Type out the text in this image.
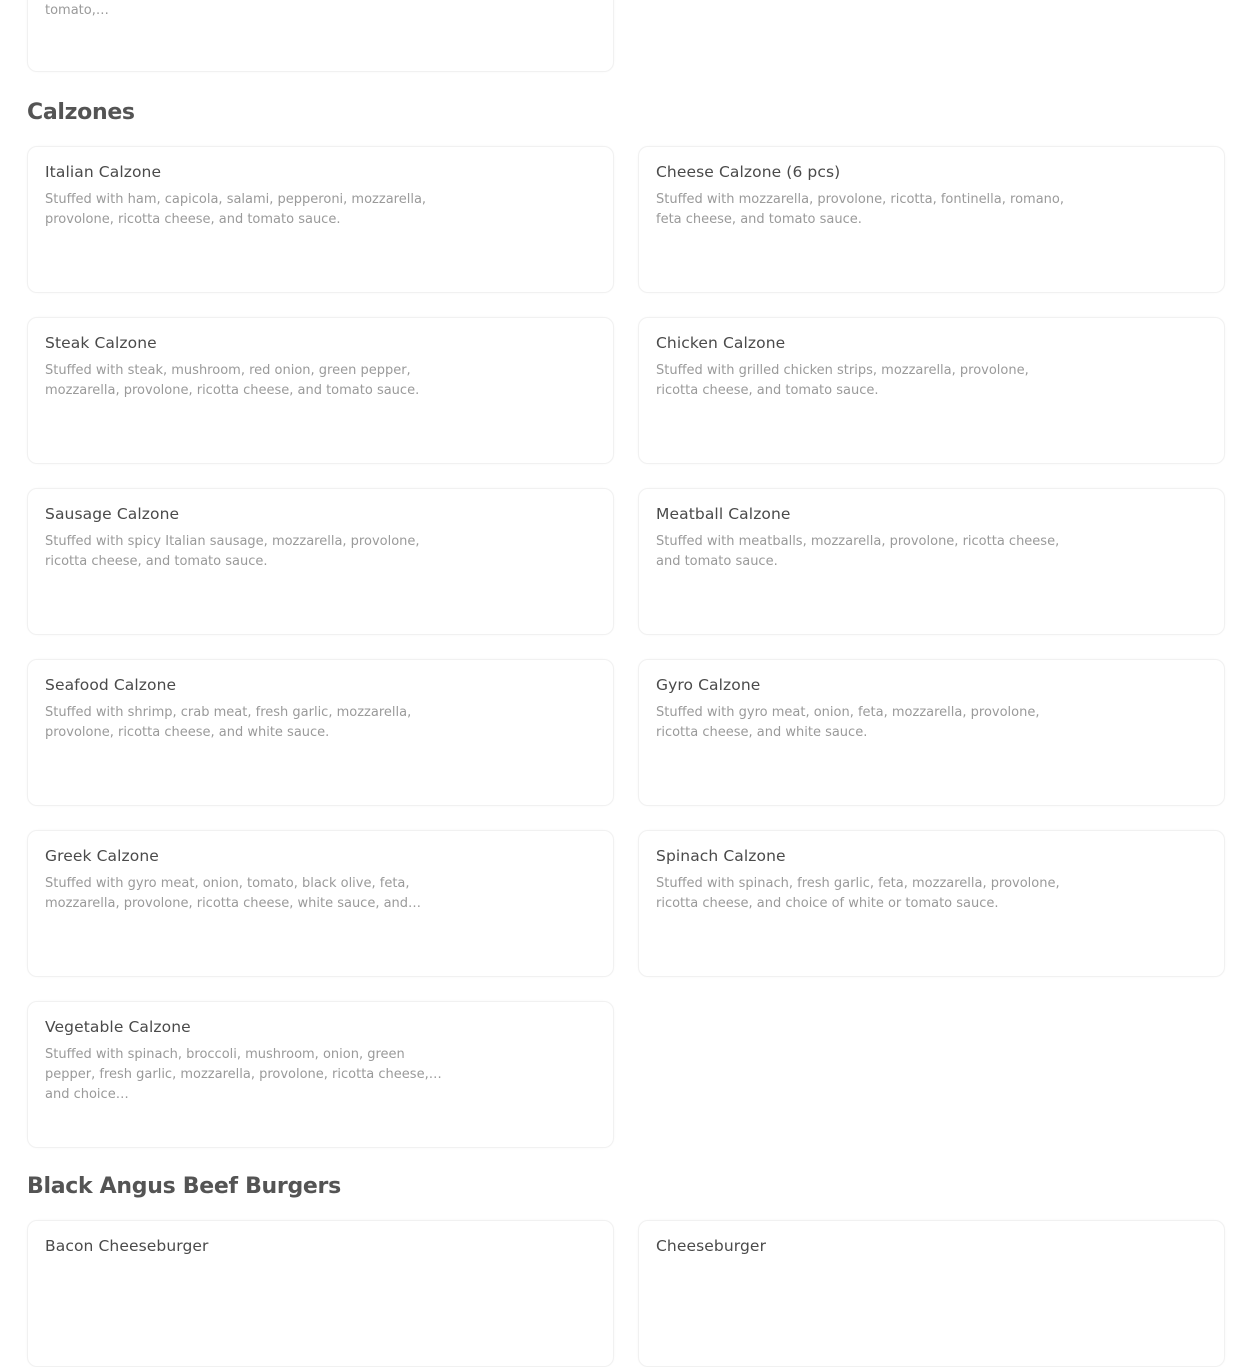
tomato,…
Calzones
Italian Calzone
Stuffed with ham, capicola, salami, pepperoni, mozzarella, provolone, ricotta cheese, and tomato sauce.
Cheese Calzone (6 pcs)
Stuffed with mozzarella, provolone, ricotta, fontinella, romano, feta cheese, and tomato sauce.
Steak Calzone
Stuffed with steak, mushroom, red onion, green pepper, mozzarella, provolone, ricotta cheese, and tomato sauce.
Chicken Calzone
Stuffed with grilled chicken strips, mozzarella, provolone, ricotta cheese, and tomato sauce.
Sausage Calzone
Stuffed with spicy Italian sausage, mozzarella, provolone, ricotta cheese, and tomato sauce.
Meatball Calzone
Stuffed with meatballs, mozzarella, provolone, ricotta cheese, and tomato sauce.
Seafood Calzone
Stuffed with shrimp, crab meat, fresh garlic, mozzarella, provolone, ricotta cheese, and white sauce.
Gyro Calzone
Stuffed with gyro meat, onion, feta, mozzarella, provolone, ricotta cheese, and white sauce.
Greek Calzone
Stuffed with gyro meat, onion, tomato, black olive, feta, mozzarella, provolone, ricotta cheese, white sauce, and…
Spinach Calzone
Stuffed with spinach, fresh garlic, feta, mozzarella, provolone, ricotta cheese, and choice of white or tomato sauce.
Vegetable Calzone
Stuffed with spinach, broccoli, mushroom, onion, green pepper, fresh garlic, mozzarella, provolone, ricotta cheese, and choice…
Black Angus Beef Burgers
Bacon Cheeseburger	Cheeseburger
